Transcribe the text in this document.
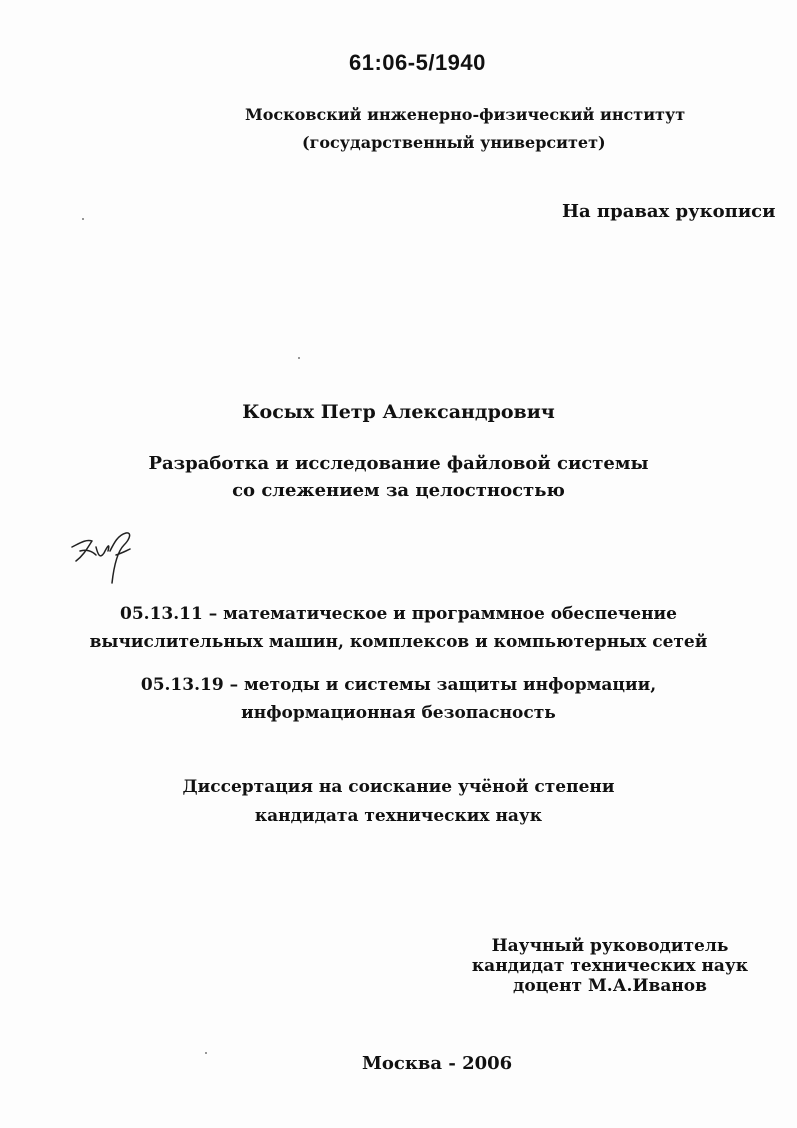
61:06-5/1940
Московский инженерно-физический институт
(государственный университет)
На правах рукописи
Косых Петр Александрович
Разработка и исследование файловой системы
со слежением за целостностью
05.13.11 – математическое и программное обеспечение
вычислительных машин, комплексов и компьютерных сетей
05.13.19 – методы и системы защиты информации,
информационная безопасность
Диссертация на соискание учёной степени
кандидата технических наук
Научный руководитель
кандидат технических наук
доцент М.А.Иванов
Москва - 2006
